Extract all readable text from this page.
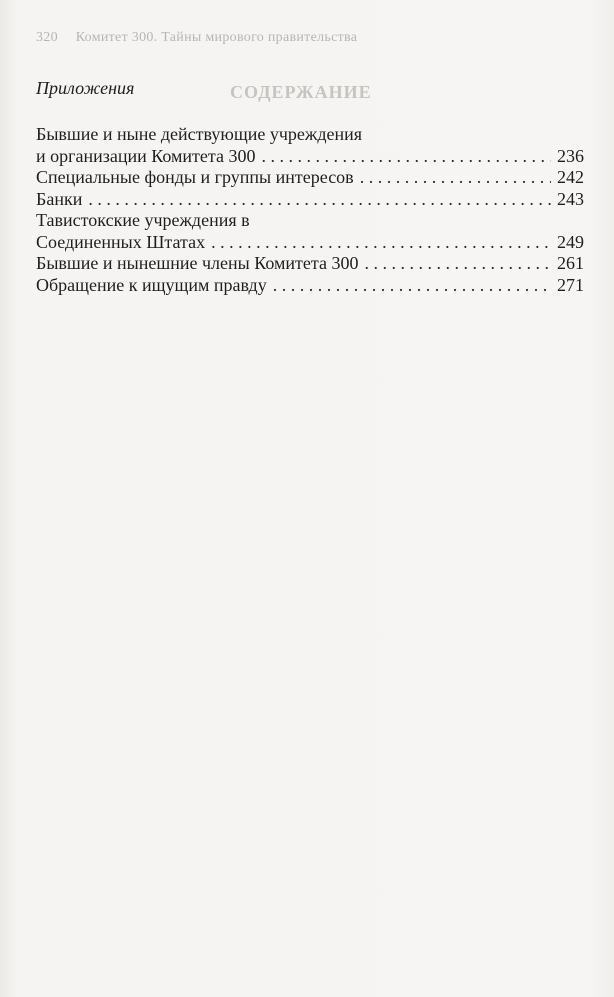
320 Комитет 300. Тайны мирового правительства
СОДЕРЖАНИЕ
Приложения
Бывшие и ныне действующие учреждения
и организации Комитета 300 . . .	236
Специальные фонды и группы интересов . . .	242
Банки . . .	243
Тавистокские учреждения в
Соединенных Штатах . . .	249
Бывшие и нынешние члены Комитета 300 . . .	261
Обращение к ищущим правду . . .	271
